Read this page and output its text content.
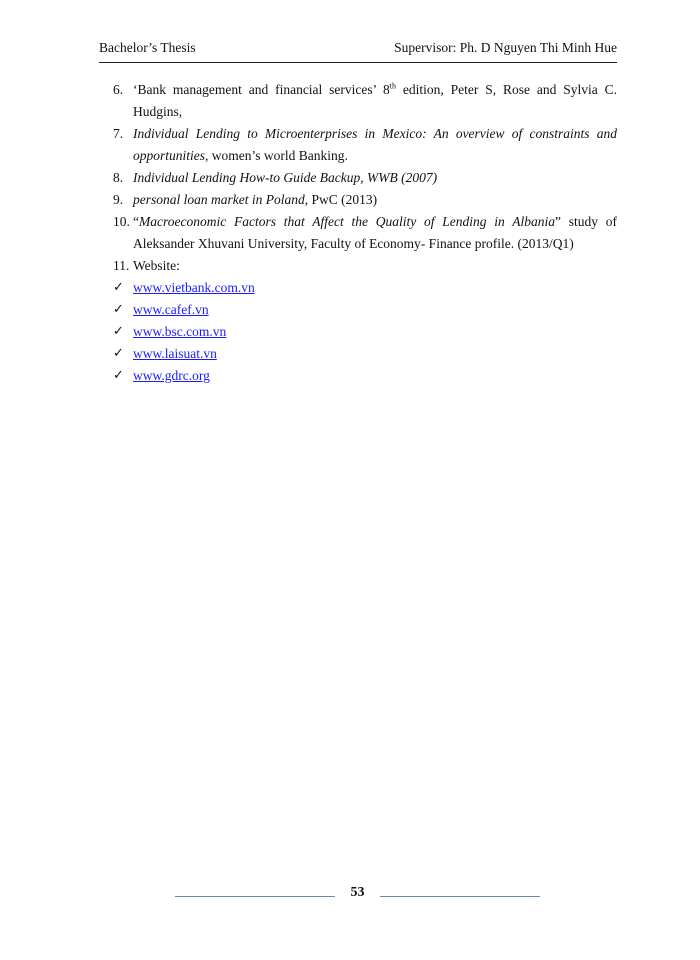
Bachelor’s Thesis	Supervisor: Ph. D Nguyen Thi Minh Hue
6. ‘Bank management and financial services’ 8th edition, Peter S, Rose and Sylvia C. Hudgins,
7. Individual Lending to Microenterprises in Mexico: An overview of constraints and opportunities, women’s world Banking.
8. Individual Lending How-to Guide Backup, WWB (2007)
9. personal loan market in Poland, PwC (2013)
10. “Macroeconomic Factors that Affect the Quality of Lending in Albania” study of Aleksander Xhuvani University, Faculty of Economy- Finance profile. (2013/Q1)
11. Website:
✓ www.vietbank.com.vn
✓ www.cafef.vn
✓ www.bsc.com.vn
✓ www.laisuat.vn
✓ www.gdrc.org
53
